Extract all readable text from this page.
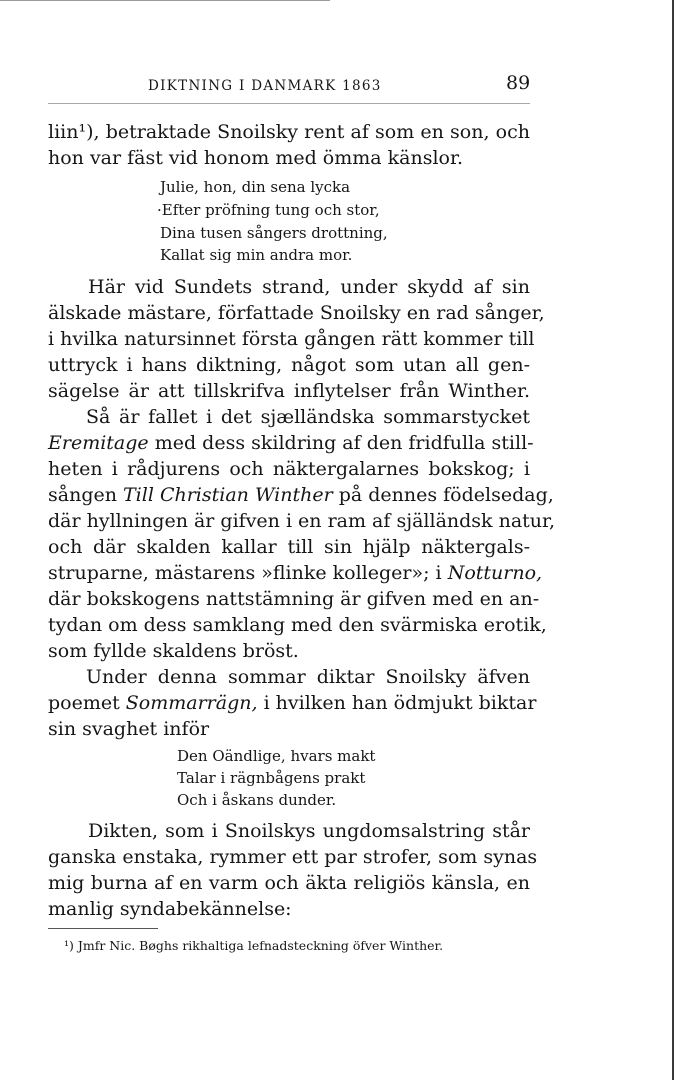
DIKTNING I DANMARK 1863	89
liin¹), betraktade Snoilsky rent af som en son, och
hon var fäst vid honom med ömma känslor.
Julie, hon, din sena lycka
·Efter pröfning tung och stor,
Dina tusen sångers drottning,
Kallat sig min andra mor.
Här vid Sundets strand, under skydd af sin
älskade mästare, författade Snoilsky en rad sånger,
i hvilka natursinnet första gången rätt kommer till
uttryck i hans diktning, något som utan all gen-
sägelse är att tillskrifva inflytelser från Winther.
Så är fallet i det sjælländska sommarstycket
Eremitage med dess skildring af den fridfulla still-
heten i rådjurens och näktergalarnes bokskog; i
sången Till Christian Winther på dennes födelsedag,
där hyllningen är gifven i en ram af själländsk natur,
och där skalden kallar till sin hjälp näktergals-
struparne, mästarens »flinke kolleger»; i Notturno,
där bokskogens nattstämning är gifven med en an-
tydan om dess samklang med den svärmiska erotik,
som fyllde skaldens bröst.
Under denna sommar diktar Snoilsky äfven
poemet Sommarrägn, i hvilken han ödmjukt biktar
sin svaghet inför
Den Oändlige, hvars makt
Talar i rägnbågens prakt
Och i åskans dunder.
Dikten, som i Snoilskys ungdomsalstring står
ganska enstaka, rymmer ett par strofer, som synas
mig burna af en varm och äkta religiös känsla, en
manlig syndabekännelse:
¹) Jmfr Nic. Bøghs rikhaltiga lefnadsteckning öfver Winther.
